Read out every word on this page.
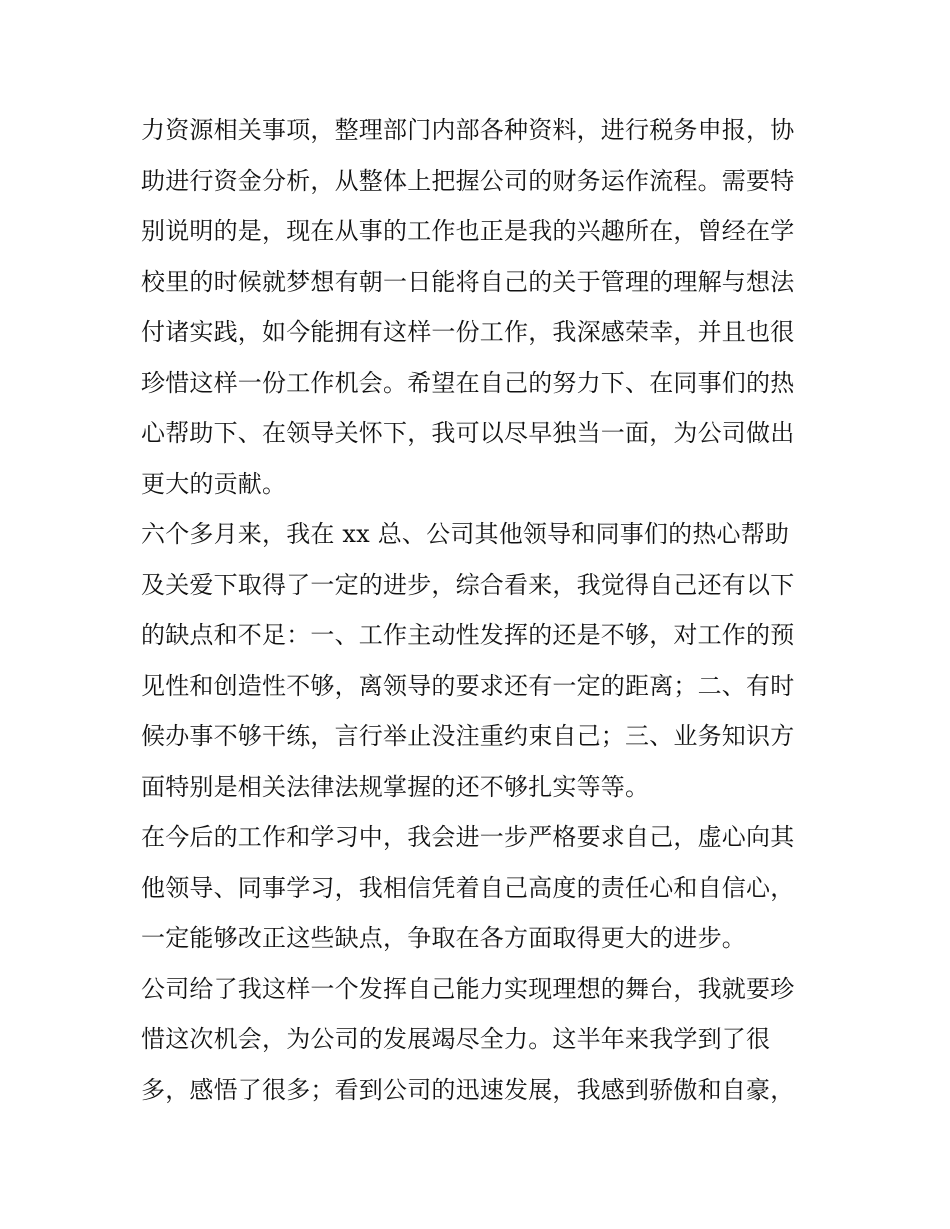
力资源相关事项，整理部门内部各种资料，进行税务申报，协
助进行资金分析，从整体上把握公司的财务运作流程。需要特
别说明的是，现在从事的工作也正是我的兴趣所在，曾经在学
校里的时候就梦想有朝一日能将自己的关于管理的理解与想法
付诸实践，如今能拥有这样一份工作，我深感荣幸，并且也很
珍惜这样一份工作机会。希望在自己的努力下、在同事们的热
心帮助下、在领导关怀下，我可以尽早独当一面，为公司做出
更大的贡献。
六个多月来，我在 xx 总、公司其他领导和同事们的热心帮助
及关爱下取得了一定的进步，综合看来，我觉得自己还有以下
的缺点和不足：一、工作主动性发挥的还是不够，对工作的预
见性和创造性不够，离领导的要求还有一定的距离；二、有时
候办事不够干练，言行举止没注重约束自己；三、业务知识方
面特别是相关法律法规掌握的还不够扎实等等。
在今后的工作和学习中，我会进一步严格要求自己，虚心向其
他领导、同事学习，我相信凭着自己高度的责任心和自信心，
一定能够改正这些缺点，争取在各方面取得更大的进步。
公司给了我这样一个发挥自己能力实现理想的舞台，我就要珍
惜这次机会，为公司的发展竭尽全力。这半年来我学到了很
多，感悟了很多；看到公司的迅速发展，我感到骄傲和自豪，
